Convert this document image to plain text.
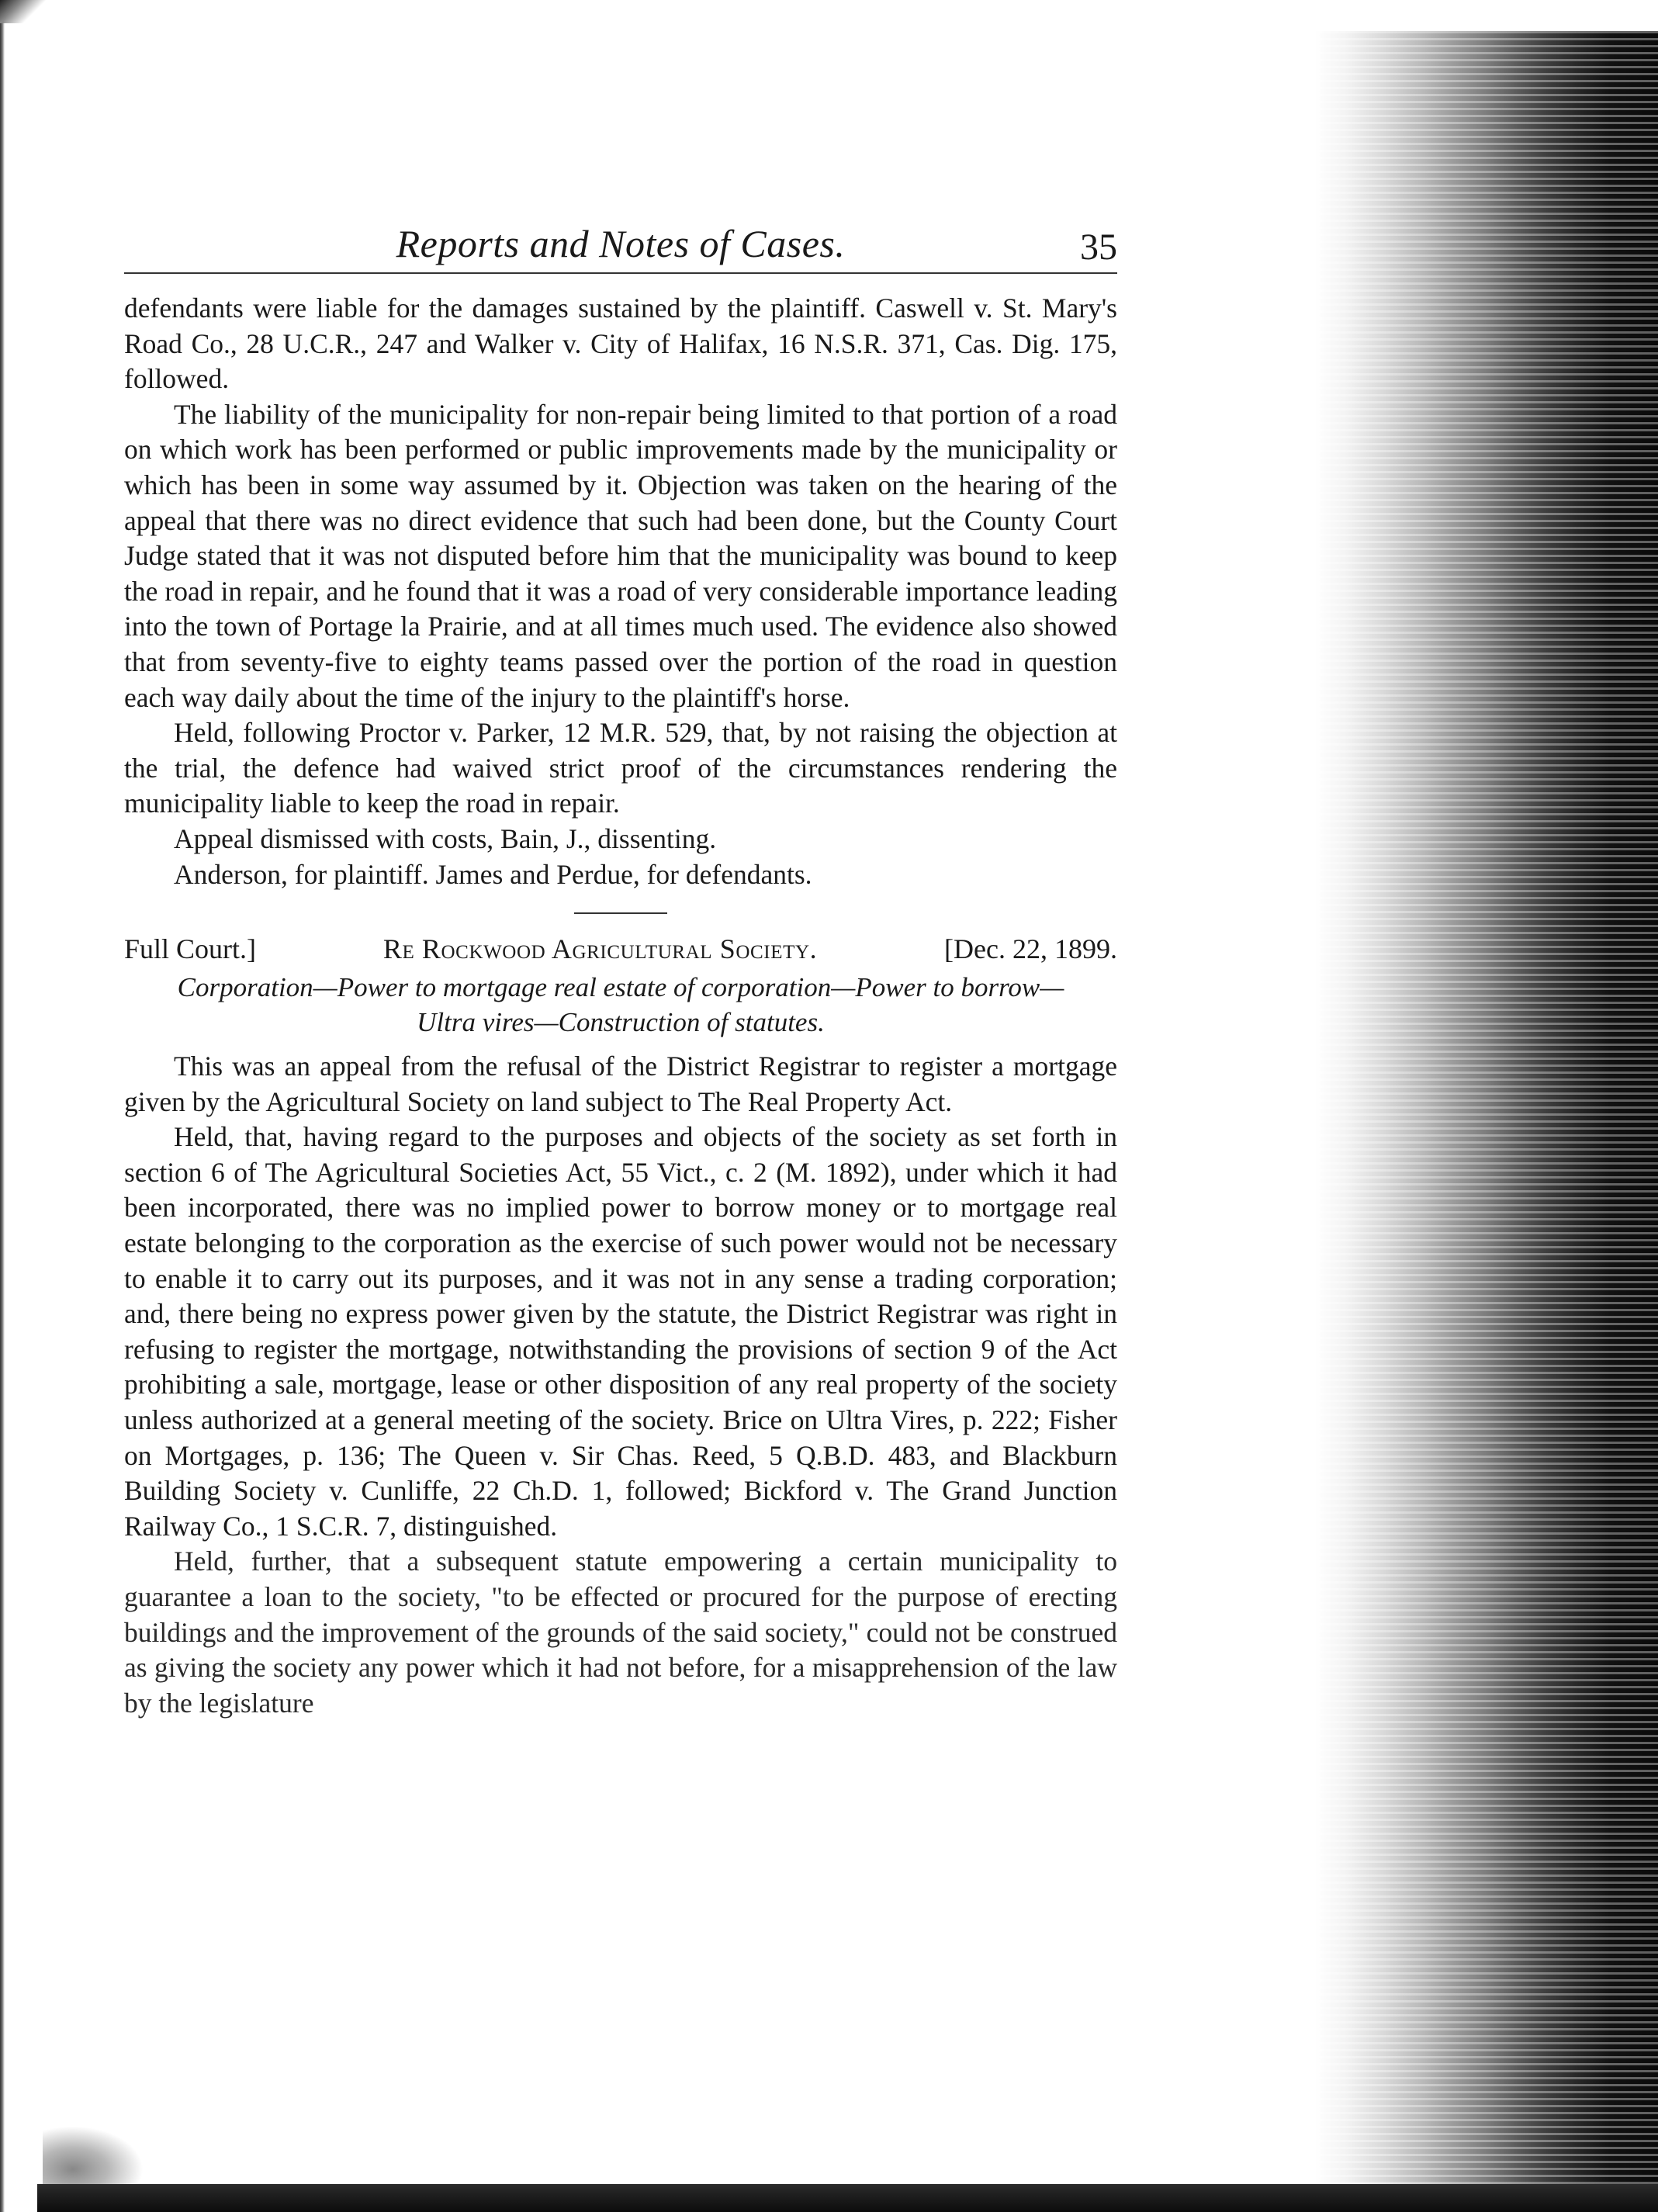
Reports and Notes of Cases.	35

defendants were liable for the damages sustained by the plaintiff. Caswell v. St. Mary's Road Co., 28 U.C.R., 247 and Walker v. City of Halifax, 16 N.S.R. 371, Cas. Dig. 175, followed.

The liability of the municipality for non-repair being limited to that portion of a road on which work has been performed or public improvements made by the municipality or which has been in some way assumed by it. Objection was taken on the hearing of the appeal that there was no direct evidence that such had been done, but the County Court Judge stated that it was not disputed before him that the municipality was bound to keep the road in repair, and he found that it was a road of very considerable importance leading into the town of Portage la Prairie, and at all times much used. The evidence also showed that from seventy-five to eighty teams passed over the portion of the road in question each way daily about the time of the injury to the plaintiff's horse.

Held, following Proctor v. Parker, 12 M.R. 529, that, by not raising the objection at the trial, the defence had waived strict proof of the circumstances rendering the municipality liable to keep the road in repair.

Appeal dismissed with costs, Bain, J., dissenting.

Anderson, for plaintiff. James and Perdue, for defendants.

Full Court.]	Re Rockwood Agricultural Society.	[Dec. 22, 1899.
Corporation—Power to mortgage real estate of corporation—Power to borrow—Ultra vires—Construction of statutes.

This was an appeal from the refusal of the District Registrar to register a mortgage given by the Agricultural Society on land subject to The Real Property Act.

Held, that, having regard to the purposes and objects of the society as set forth in section 6 of The Agricultural Societies Act, 55 Vict., c. 2 (M. 1892), under which it had been incorporated, there was no implied power to borrow money or to mortgage real estate belonging to the corporation as the exercise of such power would not be necessary to enable it to carry out its purposes, and it was not in any sense a trading corporation; and, there being no express power given by the statute, the District Registrar was right in refusing to register the mortgage, notwithstanding the provisions of section 9 of the Act prohibiting a sale, mortgage, lease or other disposition of any real property of the society unless authorized at a general meeting of the society. Brice on Ultra Vires, p. 222; Fisher on Mortgages, p. 136; The Queen v. Sir Chas. Reed, 5 Q.B.D. 483, and Blackburn Building Society v. Cunliffe, 22 Ch.D. 1, followed; Bickford v. The Grand Junction Railway Co., 1 S.C.R. 7, distinguished.

Held, further, that a subsequent statute empowering a certain municipality to guarantee a loan to the society, "to be effected or procured for the purpose of erecting buildings and the improvement of the grounds of the said society," could not be construed as giving the society any power which it had not before, for a misapprehension of the law by the legislature
